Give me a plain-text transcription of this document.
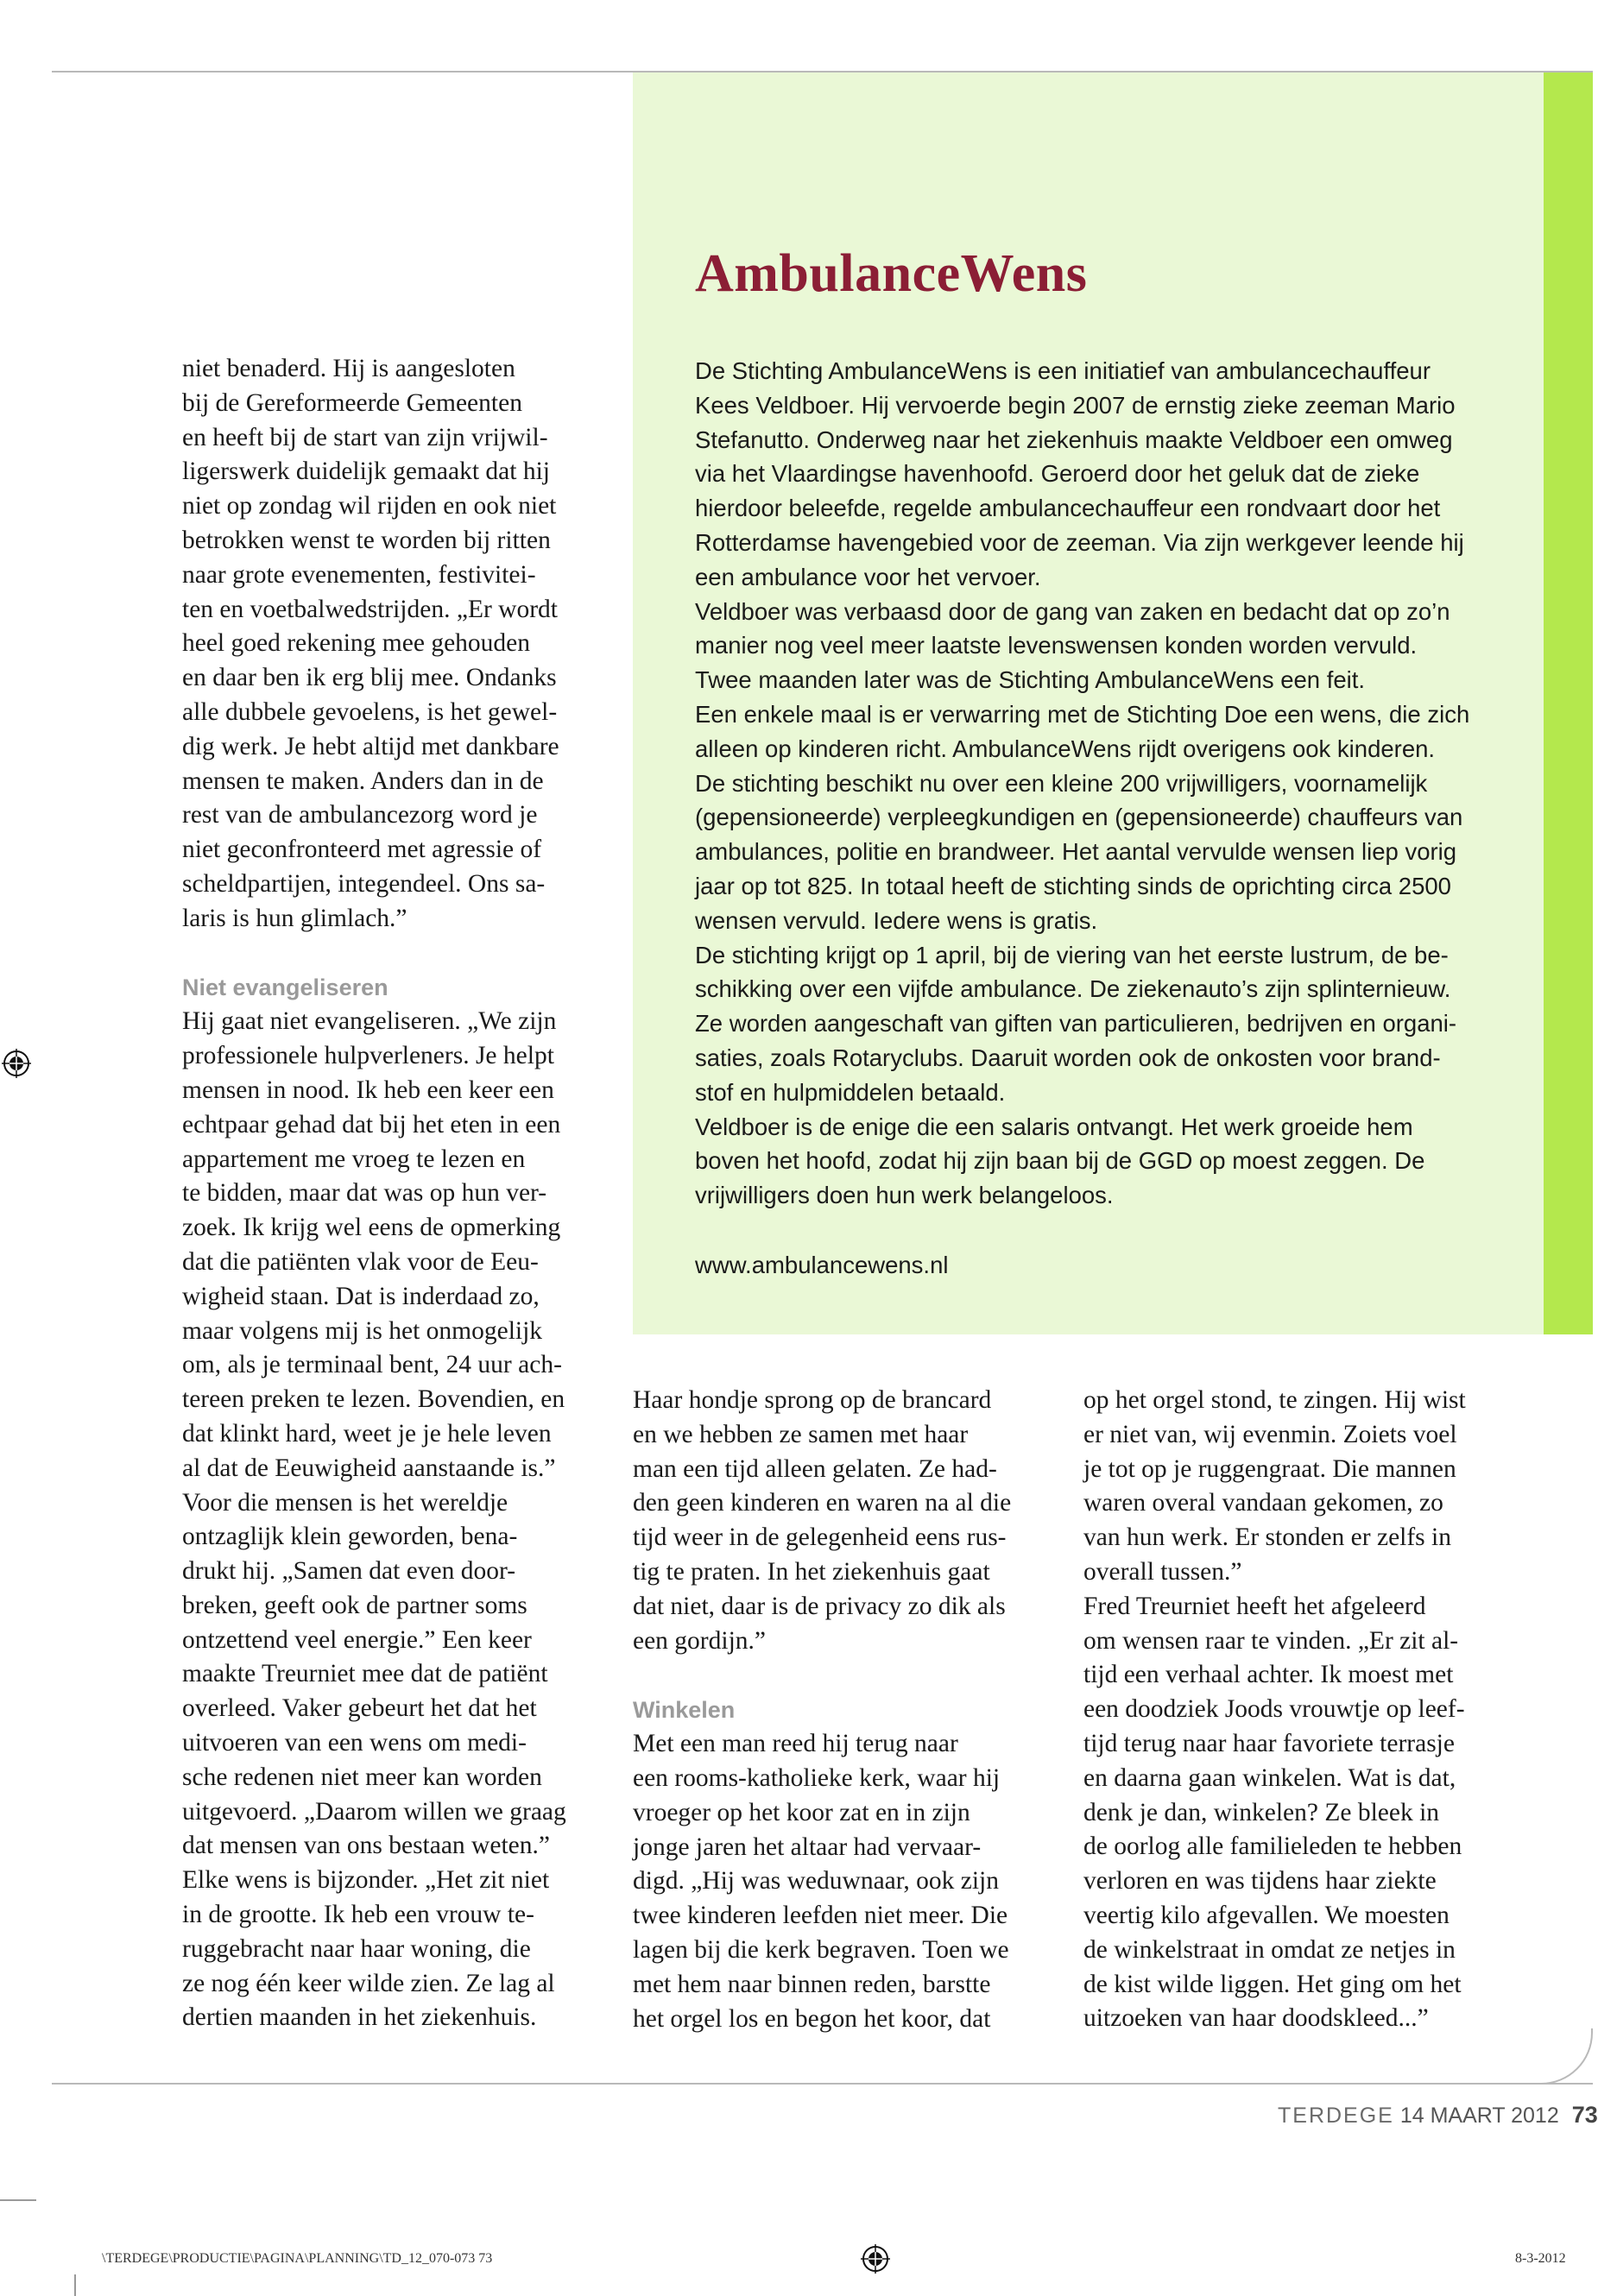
AmbulanceWens

De Stichting AmbulanceWens is een initiatief van ambulancechauffeur

Kees Veldboer. Hij vervoerde begin 2007 de ernstig zieke zeeman Mario

Stefanutto. Onderweg naar het ziekenhuis maakte Veldboer een omweg

via het Vlaardingse havenhoofd. Geroerd door het geluk dat de zieke

hierdoor beleefde, regelde ambulancechauffeur een rondvaart door het

Rotterdamse havengebied voor de zeeman. Via zijn werkgever leende hij

een ambulance voor het vervoer.

Veldboer was verbaasd door de gang van zaken en bedacht dat op zo’n

manier nog veel meer laatste levenswensen konden worden vervuld.

Twee maanden later was de Stichting AmbulanceWens een feit.

Een enkele maal is er verwarring met de Stichting Doe een wens, die zich

alleen op kinderen richt. AmbulanceWens rijdt overigens ook kinderen.

De stichting beschikt nu over een kleine 200 vrijwilligers, voornamelijk

(gepensioneerde) verpleegkundigen en (gepensioneerde) chauffeurs van

ambulances, politie en brandweer. Het aantal vervulde wensen liep vorig

jaar op tot 825. In totaal heeft de stichting sinds de oprichting circa 2500

wensen vervuld. Iedere wens is gratis.

De stichting krijgt op 1 april, bij de viering van het eerste lustrum, de be-

schikking over een vijfde ambulance. De ziekenauto’s zijn splinternieuw.

Ze worden aangeschaft van giften van particulieren, bedrijven en organi-

saties, zoals Rotaryclubs. Daaruit worden ook de onkosten voor brand-

stof en hulpmiddelen betaald.

Veldboer is de enige die een salaris ontvangt. Het werk groeide hem

boven het hoofd, zodat hij zijn baan bij de GGD op moest zeggen. De

vrijwilligers doen hun werk belangeloos.

www.ambulancewens.nl

niet benaderd. Hij is aangesloten

bij de Gereformeerde Gemeenten

en heeft bij de start van zijn vrijwil-

ligerswerk duidelijk gemaakt dat hij

niet op zondag wil rijden en ook niet

betrokken wenst te worden bij ritten

naar grote evenementen, festivitei-

ten en voetbalwedstrijden. „Er wordt

heel goed rekening mee gehouden

en daar ben ik erg blij mee. Ondanks

alle dubbele gevoelens, is het gewel-

dig werk. Je hebt altijd met dankbare

mensen te maken. Anders dan in de

rest van de ambulancezorg word je

niet geconfronteerd met agressie of

scheldpartijen, integendeel. Ons sa-

laris is hun glimlach.”

Niet evangeliseren

Hij gaat niet evangeliseren. „We zijn

professionele hulpverleners. Je helpt

mensen in nood. Ik heb een keer een

echtpaar gehad dat bij het eten in een

appartement me vroeg te lezen en

te bidden, maar dat was op hun ver-

zoek. Ik krijg wel eens de opmerking

dat die patiënten vlak voor de Eeu-

wigheid staan. Dat is inderdaad zo,

maar volgens mij is het onmogelijk

om, als je terminaal bent, 24 uur ach-

tereen preken te lezen. Bovendien, en

dat klinkt hard, weet je je hele leven

al dat de Eeuwigheid aanstaande is.”

Voor die mensen is het wereldje

ontzaglijk klein geworden, bena-

drukt hij. „Samen dat even door-

breken, geeft ook de partner soms

ontzettend veel energie.” Een keer

maakte Treurniet mee dat de patiënt

overleed. Vaker gebeurt het dat het

uitvoeren van een wens om medi-

sche redenen niet meer kan worden

uitgevoerd. „Daarom willen we graag

dat mensen van ons bestaan weten.”

Elke wens is bijzonder. „Het zit niet

in de grootte. Ik heb een vrouw te-

ruggebracht naar haar woning, die

ze nog één keer wilde zien. Ze lag al

dertien maanden in het ziekenhuis.

Haar hondje sprong op de brancard

en we hebben ze samen met haar

man een tijd alleen gelaten. Ze had-

den geen kinderen en waren na al die

tijd weer in de gelegenheid eens rus-

tig te praten. In het ziekenhuis gaat

dat niet, daar is de privacy zo dik als

een gordijn.”

Winkelen

Met een man reed hij terug naar

een rooms-katholieke kerk, waar hij

vroeger op het koor zat en in zijn

jonge jaren het altaar had vervaar-

digd. „Hij was weduwnaar, ook zijn

twee kinderen leefden niet meer. Die

lagen bij die kerk begraven. Toen we

met hem naar binnen reden, barstte

het orgel los en begon het koor, dat

op het orgel stond, te zingen. Hij wist

er niet van, wij evenmin. Zoiets voel

je tot op je ruggengraat. Die mannen

waren overal vandaan gekomen, zo

van hun werk. Er stonden er zelfs in

overall tussen.”

Fred Treurniet heeft het afgeleerd

om wensen raar te vinden. „Er zit al-

tijd een verhaal achter. Ik moest met

een doodziek Joods vrouwtje op leef-

tijd terug naar haar favoriete terrasje

en daarna gaan winkelen. Wat is dat,

denk je dan, winkelen? Ze bleek in

de oorlog alle familieleden te hebben

verloren en was tijdens haar ziekte

veertig kilo afgevallen. We moesten

de winkelstraat in omdat ze netjes in

de kist wilde liggen. Het ging om het

uitzoeken van haar doodskleed...”

TERDEGE 14 MAART 2012 73
\TERDEGE\PRODUCTIE\PAGINA\PLANNING\TD_12_070-073 73	8-3-2012
